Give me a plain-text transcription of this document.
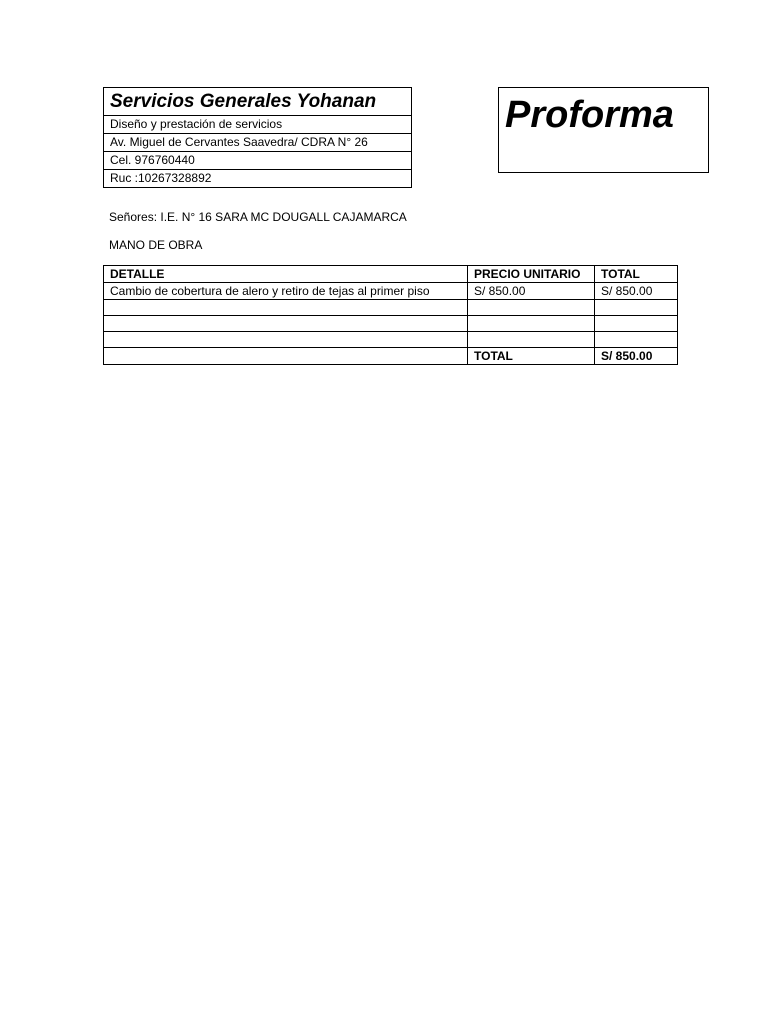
Servicios Generales Yohanan
Diseño y prestación de servicios
Av. Miguel de Cervantes Saavedra/ CDRA N° 26
Cel. 976760440
Ruc :10267328892
Proforma
Señores: I.E. N° 16 SARA MC DOUGALL CAJAMARCA
MANO DE OBRA
DETALLE	PRECIO UNITARIO	TOTAL
Cambio de cobertura de alero y retiro de tejas al primer piso	S/ 850.00	S/ 850.00

	TOTAL	S/ 850.00
